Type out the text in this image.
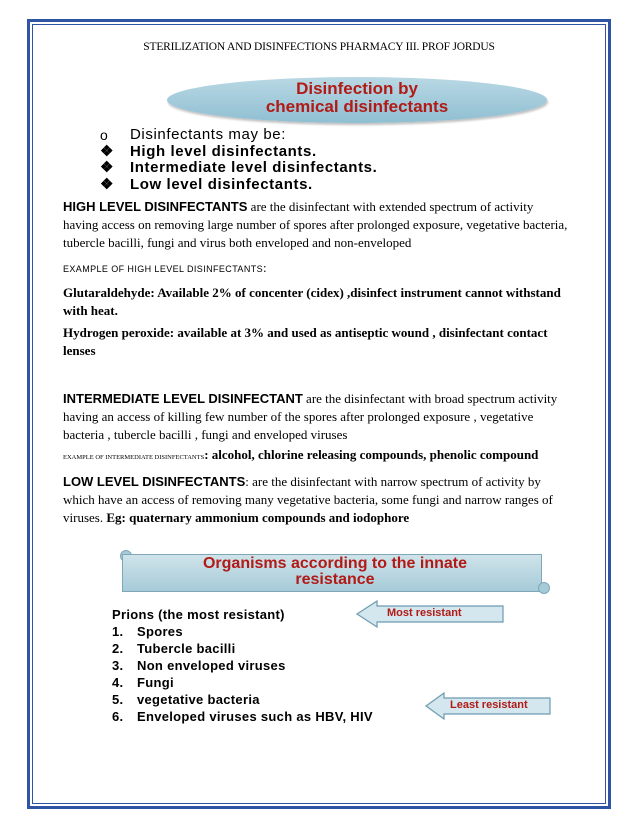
STERILIZATION AND DISINFECTIONS PHARMACY III. PROF JORDUS
Disinfection by
chemical disinfectants
o	Disinfectants may be:
❖	High level disinfectants.
❖	Intermediate level disinfectants.
❖	Low level disinfectants.
HIGH LEVEL DISINFECTANTS are the disinfectant with extended spectrum of activity having access on removing large number of spores after prolonged exposure, vegetative bacteria, tubercle bacilli, fungi and virus both enveloped and non-enveloped
EXAMPLE OF HIGH LEVEL DISINFECTANTS:
Glutaraldehyde: Available 2% of concenter (cidex) ,disinfect instrument cannot withstand with heat.
Hydrogen peroxide: available at 3% and used as antiseptic wound , disinfectant contact lenses
INTERMEDIATE LEVEL DISINFECTANT are the disinfectant with broad spectrum activity having an access of killing few number of the spores after prolonged exposure , vegetative bacteria , tubercle bacilli , fungi and enveloped viruses
EXAMPLE OF INTERMEDIATE DISINFECTANTS: alcohol, chlorine releasing compounds, phenolic compound
LOW LEVEL DISINFECTANTS: are the disinfectant with narrow spectrum of activity by which have an access of removing many vegetative bacteria, some fungi and narrow ranges of viruses. Eg: quaternary ammonium compounds and iodophore
Organisms according to the innate
resistance
Prions (the most resistant)
1.	Spores
2.	Tubercle bacilli
3.	Non enveloped viruses
4.	Fungi
5.	vegetative bacteria
6.	Enveloped viruses such as HBV, HIV
Most resistant
Least resistant
